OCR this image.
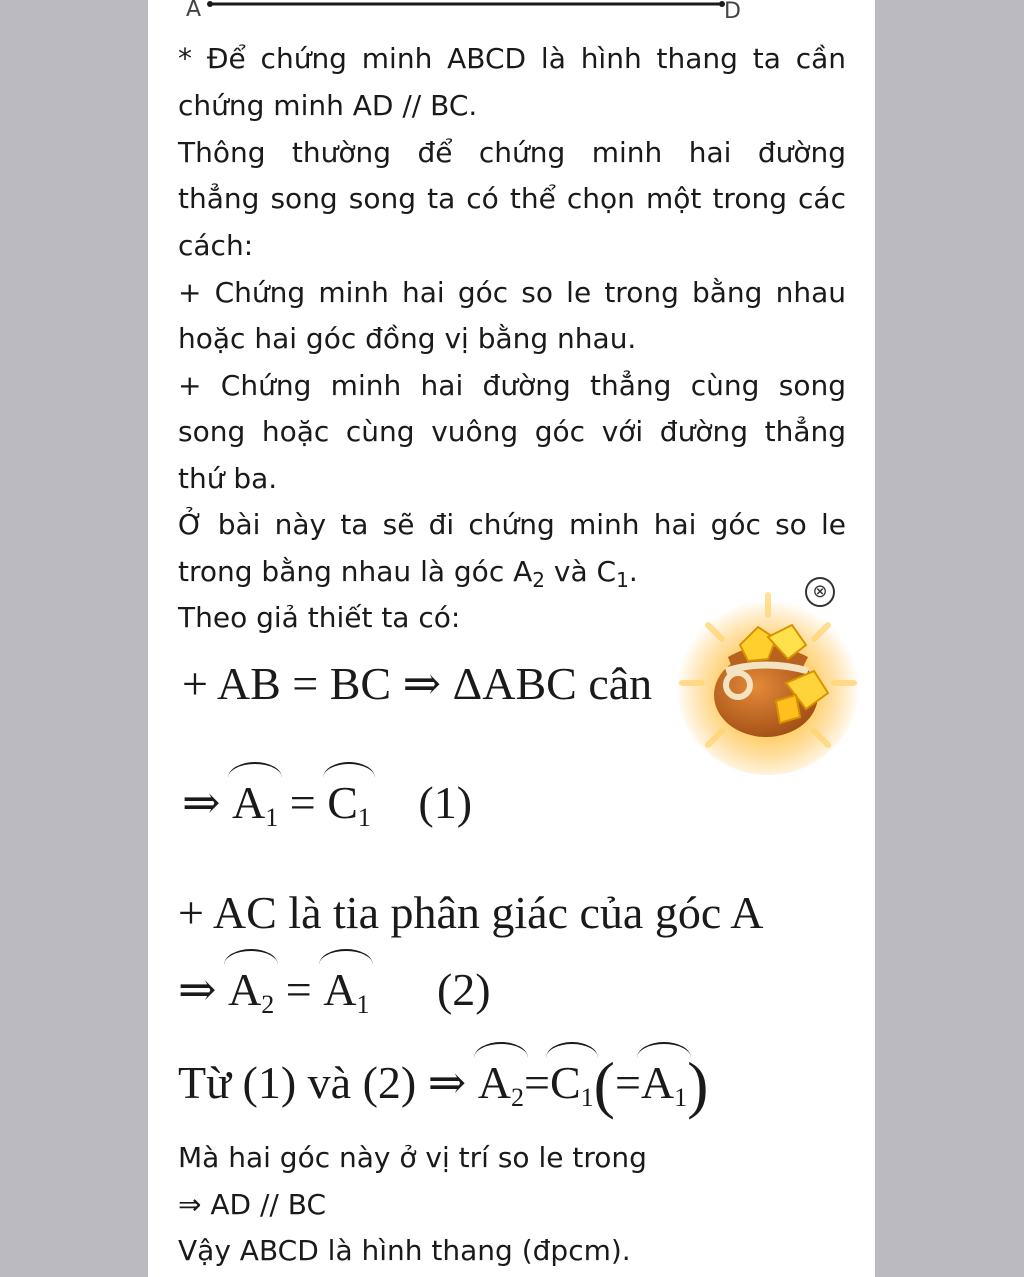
A	D
* Để chứng minh ABCD là hình thang ta cần
chứng minh AD // BC.
Thông thường để chứng minh hai đường
thẳng song song ta có thể chọn một trong các
cách:
+ Chứng minh hai góc so le trong bằng nhau
hoặc hai góc đồng vị bằng nhau.
+ Chứng minh hai đường thẳng cùng song
song hoặc cùng vuông góc với đường thẳng
thứ ba.
Ở bài này ta sẽ đi chứng minh hai góc so le
trong bằng nhau là góc $A_2$ và $C_1$.
Theo giả thiết ta có:
+ AB = BC ⇒ ΔABC cân
⇒ $A_1 = C_1$ (1)
+ AC là tia phân giác của góc A
⇒ $A_2 = A_1$ (2)
Từ (1) và (2) ⇒ $A_2=C_1(=A_1)$
Mà hai góc này ở vị trí so le trong
⇒ AD // BC
Vậy ABCD là hình thang (đpcm).
⊗
